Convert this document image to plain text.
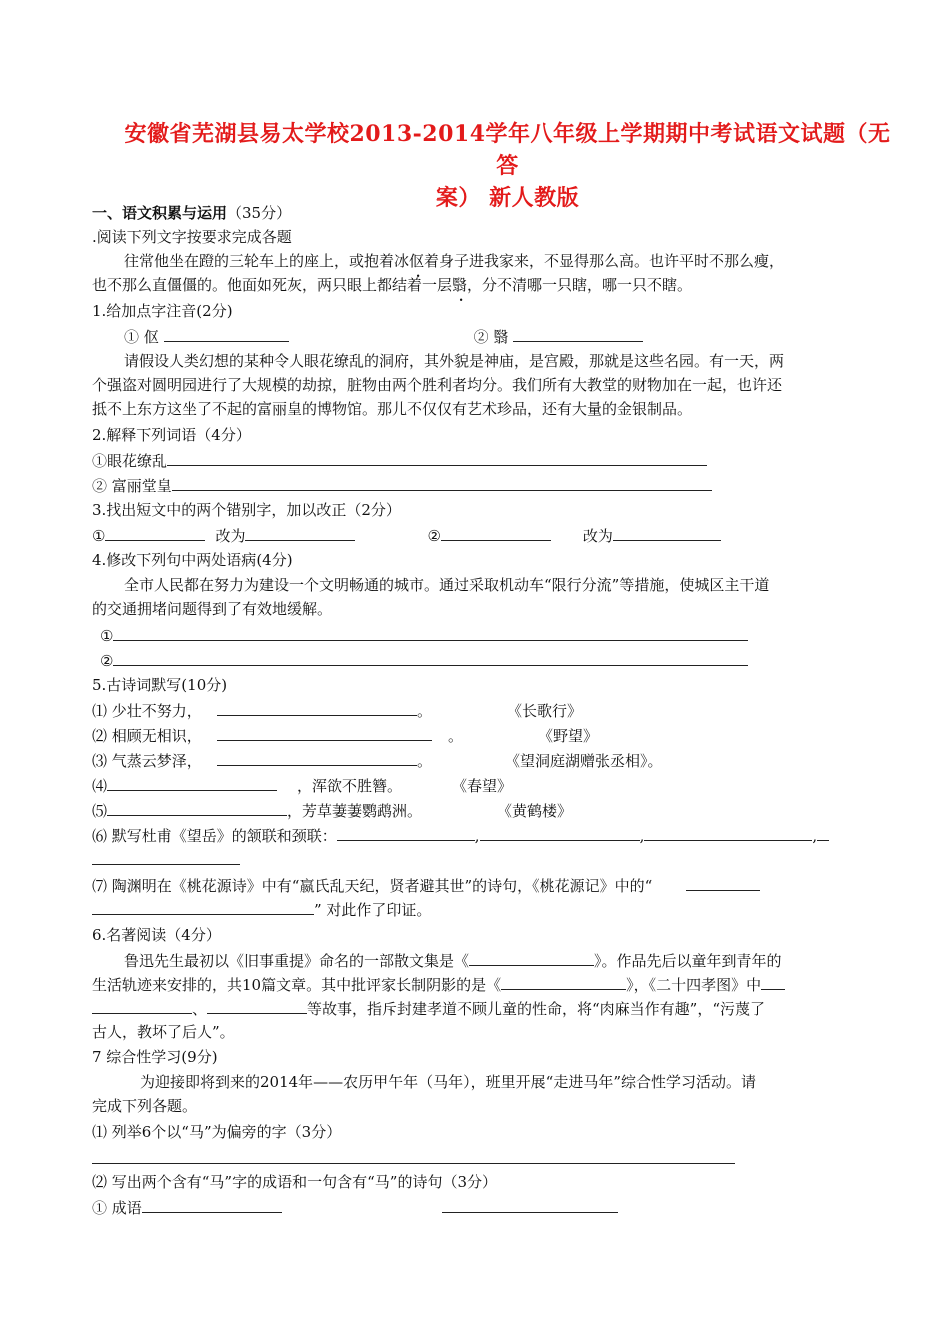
安徽省芜湖县易太学校2013-2014学年八年级上学期期中考试语文试题（无答
案） 新人教版
一、语文积累与运用（35分）
.阅读下列文字按要求完成各题
往常他坐在蹬的三轮车上的座上，或抱着冰伛着身子进我家来，不显得那么高。也许平时不那么瘦，
也不那么直僵僵的。他面如死灰，两只眼上都结着一层翳，分不清哪一只瞎，哪一只不瞎。
1.给加点字注音(2分)
① 伛	② 翳
请假设人类幻想的某种令人眼花缭乱的洞府，其外貌是神庙，是宫殿，那就是这些名园。有一天，两
个强盗对圆明园进行了大规模的劫掠，脏物由两个胜利者均分。我们所有大教堂的财物加在一起，也许还
抵不上东方这坐了不起的富丽皇的博物馆。那儿不仅仅有艺术珍品，还有大量的金银制品。
2.解释下列词语（4分）
①眼花缭乱
② 富丽堂皇
3.找出短文中的两个错别字，加以改正（2分）
①	改为	②	改为
4.修改下列句中两处语病(4分)
全市人民都在努力为建设一个文明畅通的城市。通过采取机动车“限行分流”等措施，使城区主干道
的交通拥堵问题得到了有效地缓解。
①
②
5.古诗词默写(10分)
⑴ 少壮不努力，	。	《长歌行》
⑵ 相顾无相识，	。	《野望》
⑶ 气蒸云梦泽，	。	《望洞庭湖赠张丞相》。
⑷	，浑欲不胜簪。	《春望》
⑸	，芳草萋萋鹦鹉洲。	《黄鹤楼》
⑹ 默写杜甫《望岳》的颔联和颈联：	,	,	,
⑺ 陶渊明在《桃花源诗》中有“嬴氏乱天纪，贤者避其世”的诗句，《桃花源记》中的“
” 对此作了印证。
6.名著阅读（4分）
鲁迅先生最初以《旧事重提》命名的一部散文集是《	》。作品先后以童年到青年的
生活轨迹来安排的，共10篇文章。其中批评家长制阴影的是《	》，《二十四孝图》中
、	等故事，指斥封建孝道不顾儿童的性命，将“肉麻当作有趣”，“污蔑了
古人，教坏了后人”。
7 综合性学习(9分)
为迎接即将到来的2014年——农历甲午年（马年），班里开展“走进马年”综合性学习活动。请
完成下列各题。
⑴ 列举6个以“马”为偏旁的字（3分）
⑵ 写出两个含有“马”字的成语和一句含有“马”的诗句（3分）
① 成语
